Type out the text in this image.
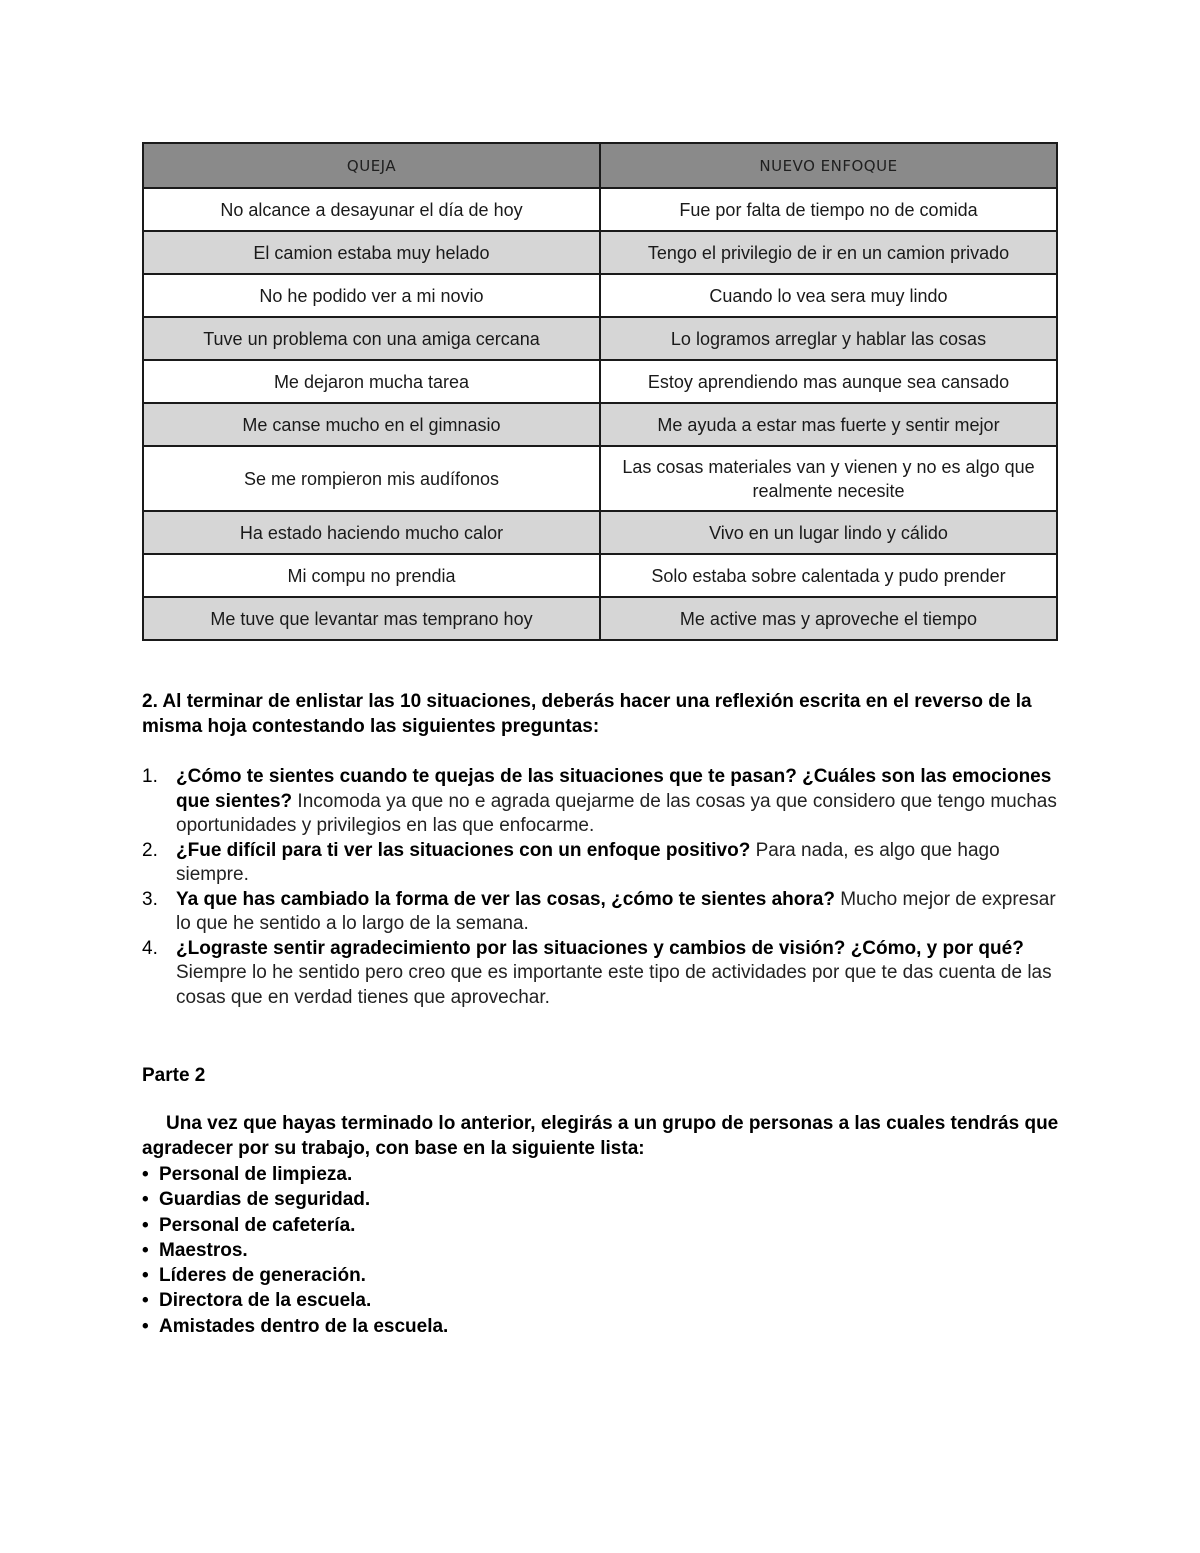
QUEJA	NUEVO ENFOQUE
No alcance a desayunar el día de hoy	Fue por falta de tiempo no de comida
El camion estaba muy helado	Tengo el privilegio de ir en un camion privado
No he podido ver a mi novio	Cuando lo vea sera muy lindo
Tuve un problema con una amiga cercana	Lo logramos arreglar y hablar las cosas
Me dejaron mucha tarea	Estoy aprendiendo mas aunque sea cansado
Me canse mucho en el gimnasio	Me ayuda a estar mas fuerte y sentir mejor
Se me rompieron mis audífonos	Las cosas materiales van y vienen y no es algo que realmente necesite
Ha estado haciendo mucho calor	Vivo en un lugar lindo y cálido
Mi compu no prendia	Solo estaba sobre calentada y pudo prender
Me tuve que levantar mas temprano hoy	Me active mas y aproveche el tiempo
2. Al terminar de enlistar las 10 situaciones, deberás hacer una reflexión escrita en el reverso de la misma hoja contestando las siguientes preguntas:
1. ¿Cómo te sientes cuando te quejas de las situaciones que te pasan? ¿Cuáles son las emociones que sientes? Incomoda ya que no e agrada quejarme de las cosas ya que considero que tengo muchas oportunidades y privilegios en las que enfocarme.
2. ¿Fue difícil para ti ver las situaciones con un enfoque positivo? Para nada, es algo que hago siempre.
3. Ya que has cambiado la forma de ver las cosas, ¿cómo te sientes ahora? Mucho mejor de expresar lo que he sentido a lo largo de la semana.
4. ¿Lograste sentir agradecimiento por las situaciones y cambios de visión? ¿Cómo, y por qué? Siempre lo he sentido pero creo que es importante este tipo de actividades por que te das cuenta de las cosas que en verdad tienes que aprovechar.
Parte 2
Una vez que hayas terminado lo anterior, elegirás a un grupo de personas a las cuales tendrás que agradecer por su trabajo, con base en la siguiente lista:
• Personal de limpieza.
• Guardias de seguridad.
• Personal de cafetería.
• Maestros.
• Líderes de generación.
• Directora de la escuela.
• Amistades dentro de la escuela.
